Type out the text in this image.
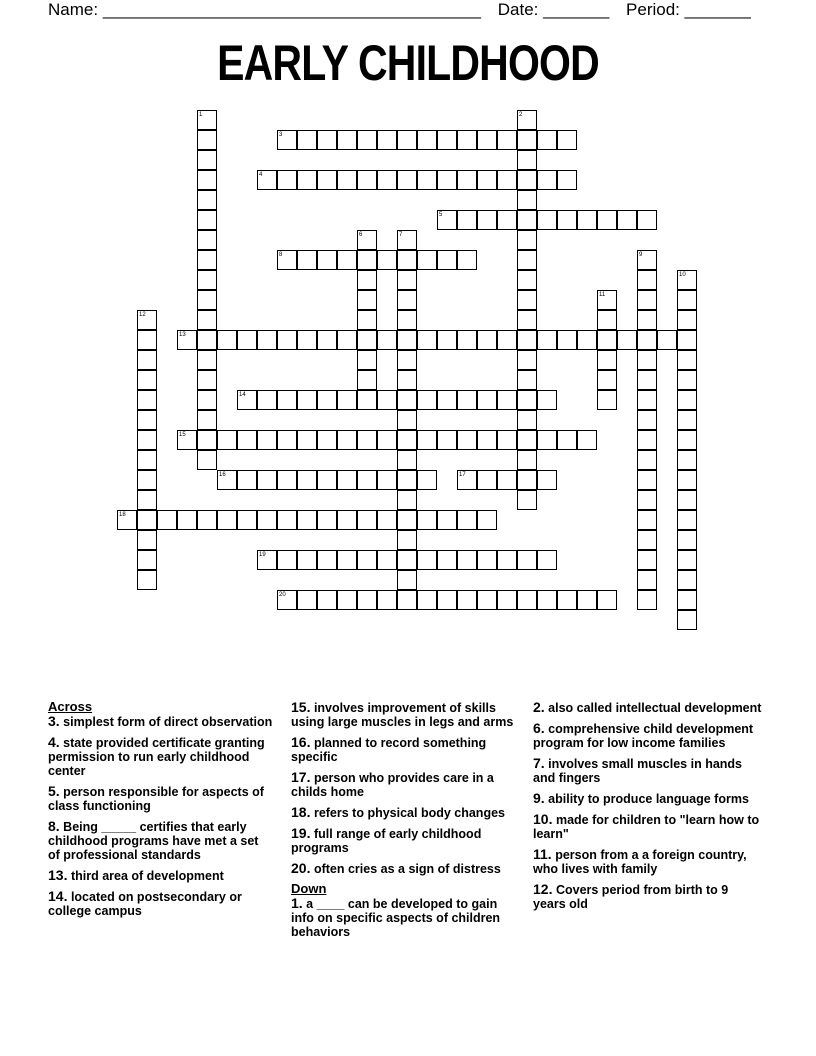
Name: ________________________________________ Date: _______ Period: _______
EARLY CHILDHOOD
3
4
5
8
13
14
15
16	17
18
19
20
1	2
6	7
9
10
11
12
Across
3. simplest form of direct observation
4. state provided certificate granting permission to run early childhood center
5. person responsible for aspects of class functioning
8. Being _____ certifies that early childhood programs have met a set of professional standards
13. third area of development
14. located on postsecondary or college campus
15. involves improvement of skills using large muscles in legs and arms
16. planned to record something specific
17. person who provides care in a childs home
18. refers to physical body changes
19. full range of early childhood programs
20. often cries as a sign of distress
Down
1. a ____ can be developed to gain info on specific aspects of children behaviors
2. also called intellectual development
6. comprehensive child development program for low income families
7. involves small muscles in hands and fingers
9. ability to produce language forms
10. made for children to "learn how to learn"
11. person from a a foreign country, who lives with family
12. Covers period from birth to 9 years old
